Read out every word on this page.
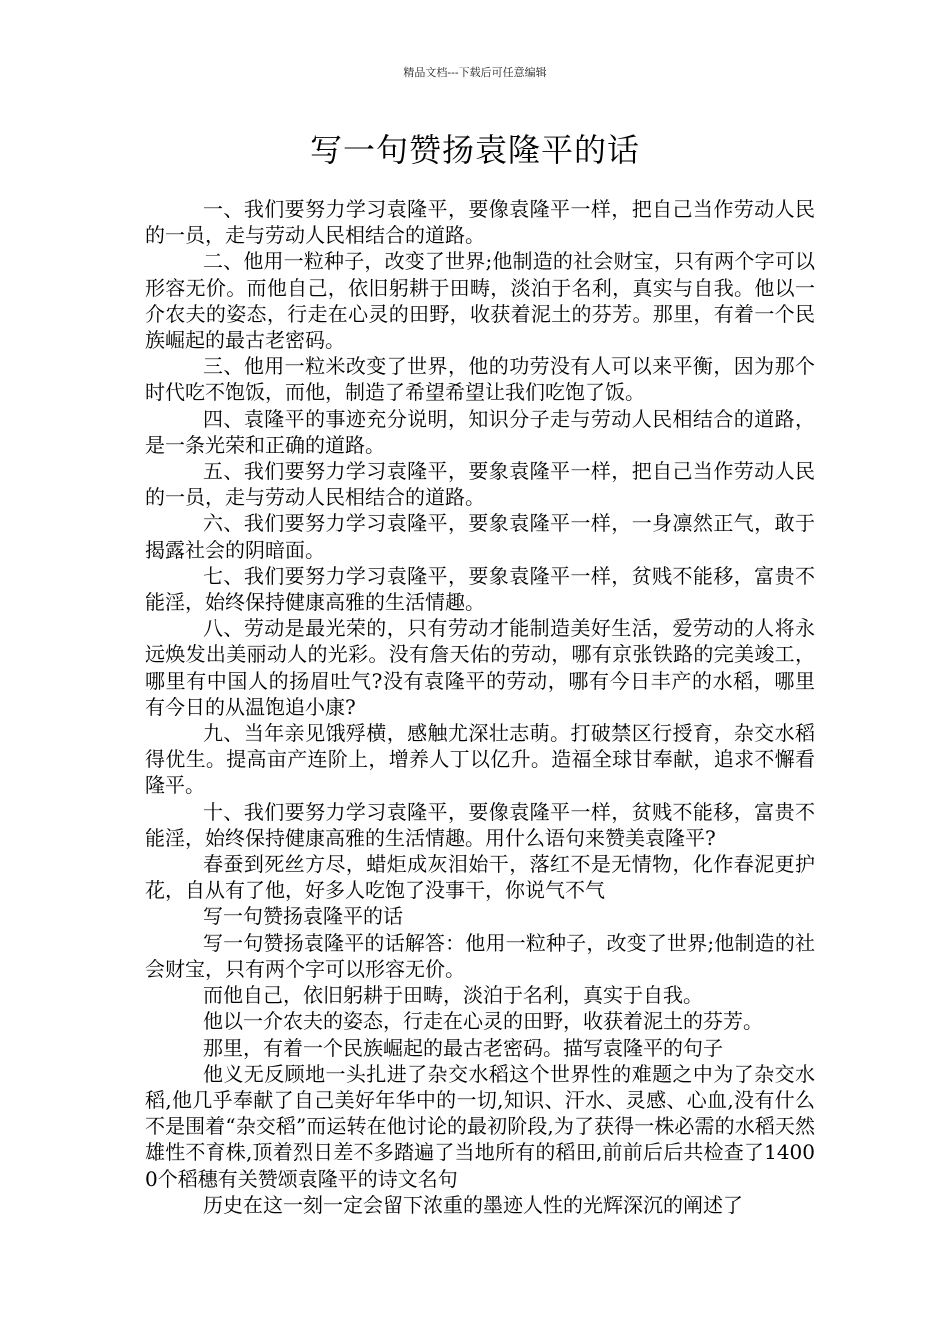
精品文档---下载后可任意编辑
写一句赞扬袁隆平的话

一、我们要努力学习袁隆平，要像袁隆平一样，把自己当作劳动人民的一员，走与劳动人民相结合的道路。

二、他用一粒种子，改变了世界;他制造的社会财宝，只有两个字可以形容无价。而他自己，依旧躬耕于田畴，淡泊于名利，真实与自我。他以一介农夫的姿态，行走在心灵的田野，收获着泥土的芬芳。那里，有着一个民族崛起的最古老密码。

三、他用一粒米改变了世界，他的功劳没有人可以来平衡，因为那个时代吃不饱饭，而他，制造了希望希望让我们吃饱了饭。

四、袁隆平的事迹充分说明，知识分子走与劳动人民相结合的道路，是一条光荣和正确的道路。

五、我们要努力学习袁隆平，要象袁隆平一样，把自己当作劳动人民的一员，走与劳动人民相结合的道路。

六、我们要努力学习袁隆平，要象袁隆平一样，一身凛然正气，敢于揭露社会的阴暗面。

七、我们要努力学习袁隆平，要象袁隆平一样，贫贱不能移，富贵不能淫，始终保持健康高雅的生活情趣。

八、劳动是最光荣的，只有劳动才能制造美好生活，爱劳动的人将永远焕发出美丽动人的光彩。没有詹天佑的劳动，哪有京张铁路的完美竣工，哪里有中国人的扬眉吐气?没有袁隆平的劳动，哪有今日丰产的水稻，哪里有今日的从温饱追小康?

九、当年亲见饿殍横，感触尤深壮志萌。打破禁区行授育，杂交水稻得优生。提高亩产连阶上，增养人丁以亿升。造福全球甘奉献，追求不懈看隆平。

十、我们要努力学习袁隆平，要像袁隆平一样，贫贱不能移，富贵不能淫，始终保持健康高雅的生活情趣。用什么语句来赞美袁隆平?

春蚕到死丝方尽，蜡炬成灰泪始干，落红不是无情物，化作春泥更护花，自从有了他，好多人吃饱了没事干，你说气不气

写一句赞扬袁隆平的话

写一句赞扬袁隆平的话解答：他用一粒种子，改变了世界;他制造的社会财宝，只有两个字可以形容无价。

而他自己，依旧躬耕于田畴，淡泊于名利，真实于自我。

他以一介农夫的姿态，行走在心灵的田野，收获着泥土的芬芳。

那里，有着一个民族崛起的最古老密码。描写袁隆平的句子

他义无反顾地一头扎进了杂交水稻这个世界性的难题之中为了杂交水稻,他几乎奉献了自己美好年华中的一切,知识、汗水、灵感、心血,没有什么不是围着“杂交稻”而运转在他讨论的最初阶段,为了获得一株必需的水稻天然雄性不育株,顶着烈日差不多踏遍了当地所有的稻田,前前后后共检查了14000个稻穗有关赞颂袁隆平的诗文名句

历史在这一刻一定会留下浓重的墨迹人性的光辉深沉的阐述了
